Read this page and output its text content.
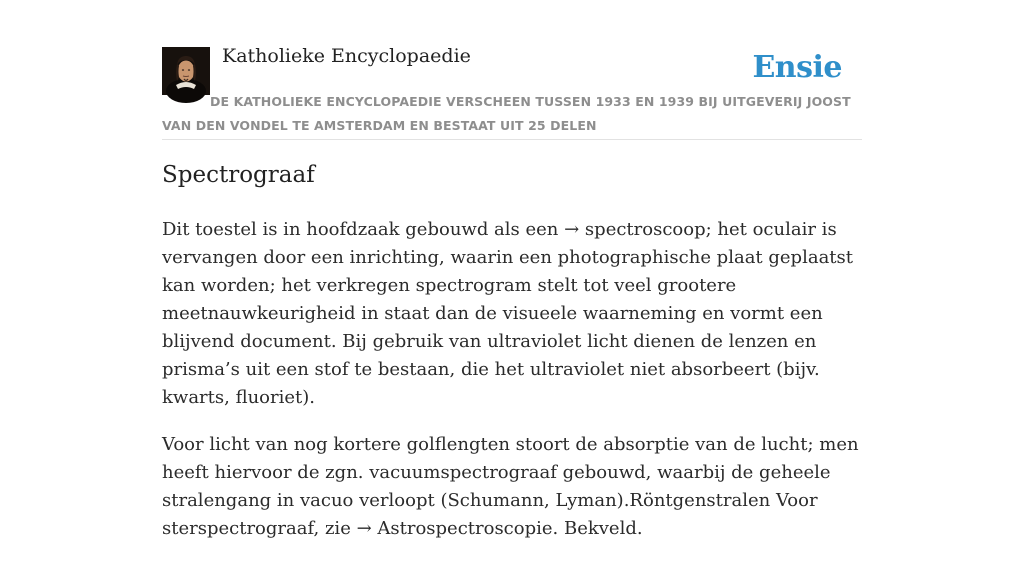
Katholieke Encyclopaedie	Ensie
DE KATHOLIEKE ENCYCLOPAEDIE VERSCHEEN TUSSEN 1933 EN 1939 BIJ UITGEVERIJ JOOST VAN DEN VONDEL TE AMSTERDAM EN BESTAAT UIT 25 DELEN
Spectrograaf

Dit toestel is in hoofdzaak gebouwd als een → spectroscoop; het oculair is vervangen door een inrichting, waarin een photographische plaat geplaatst kan worden; het verkregen spectrogram stelt tot veel grootere meetnauwkeurigheid in staat dan de visueele waarneming en vormt een blijvend document. Bij gebruik van ultraviolet licht dienen de lenzen en prisma’s uit een stof te bestaan, die het ultraviolet niet absorbeert (bijv. kwarts, fluoriet).

Voor licht van nog kortere golflengten stoort de absorptie van de lucht; men heeft hiervoor de zgn. vacuumspectrograaf gebouwd, waarbij de geheele stralengang in vacuo verloopt (Schumann, Lyman).Röntgenstralen Voor sterspectrograaf, zie → Astrospectroscopie. Bekveld.
